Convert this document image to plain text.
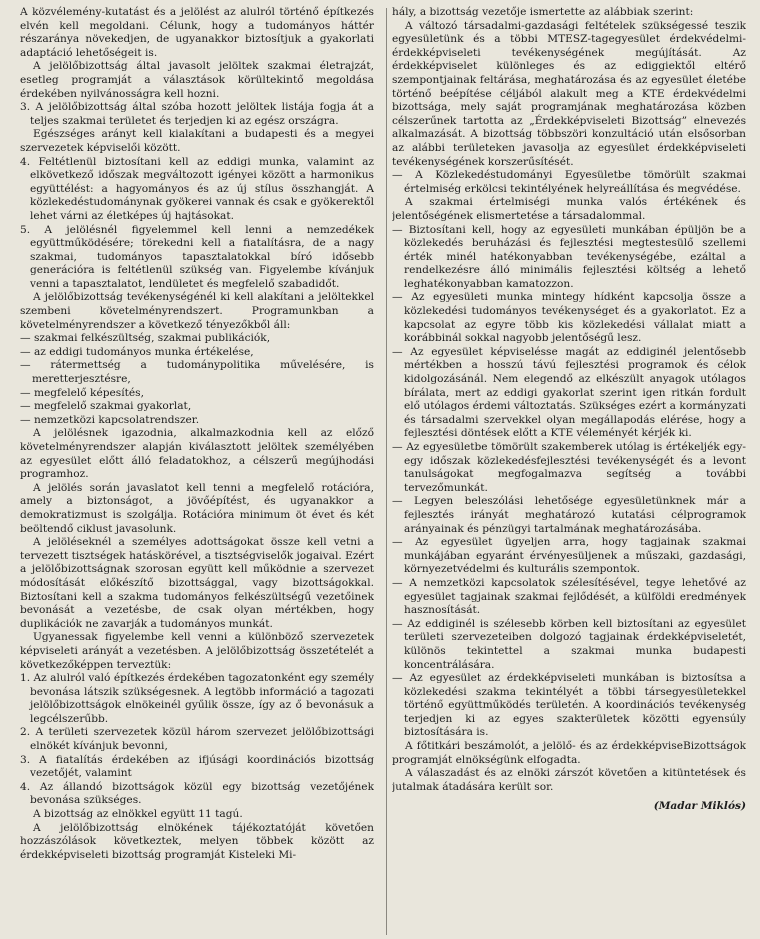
A közvélemény-kutatást és a jelölést az alulról történő építkezés elvén kell megoldani. Célunk, hogy a tudományos háttér részaránya növekedjen, de ugyanakkor biztosítjuk a gyakorlati adaptáció lehetőségeit is.

A jelölőbizottság által javasolt jelöltek szakmai életrajzát, esetleg programját a választások körültekintő megoldása érdekében nyilvánosságra kell hozni.

3. A jelölőbizottság által szóba hozott jelöltek listája fogja át a teljes szakmai területet és terjedjen ki az egész országra.

Egészséges arányt kell kialakítani a budapesti és a megyei szervezetek képviselői között.

4. Feltétlenül biztosítani kell az eddigi munka, valamint az elkövetkező időszak megváltozott igényei között a harmonikus együttélést: a hagyományos és az új stílus összhangját. A közlekedéstudománynak gyökerei vannak és csak e gyökerektől lehet várni az életképes új hajtásokat.

5. A jelölésnél figyelemmel kell lenni a nemzedékek együttműködésére; törekedni kell a fiatalításra, de a nagy szakmai, tudományos tapasztalatokkal bíró idősebb generációra is feltétlenül szükség van. Figyelembe kívánjuk venni a tapasztalatot, lendületet és megfelelő szabadidőt.

A jelölőbizottság tevékenységénél ki kell alakítani a jelöltekkel szembeni követelményrendszert. Programunkban a követelményrendszer a következő tényezőkből áll:

— szakmai felkészültség, szakmai publikációk,

— az eddigi tudományos munka értékelése,

— rátermettség a tudománypolitika művelésére, is meretterjesztésre,

— megfelelő képesítés,

— megfelelő szakmai gyakorlat,

— nemzetközi kapcsolatrendszer.

A jelölésnek igazodnia, alkalmazkodnia kell az előző követelményrendszer alapján kiválasztott jelöltek személyében az egyesület előtt álló feladatokhoz, a célszerű megújhodási programhoz.

A jelölés során javaslatot kell tenni a megfelelő rotációra, amely a biztonságot, a jövőépítést, és ugyanakkor a demokratizmust is szolgálja. Rotációra minimum öt évet és két beöltendő ciklust javasolunk.

A jelöléseknél a személyes adottságokat össze kell vetni a tervezett tisztségek hatáskörével, a tisztségviselők jogaival. Ezért a jelölőbizottságnak szorosan együtt kell működnie a szervezet módosítását előkészítő bizottsággal, vagy bizottságokkal. Biztosítani kell a szakma tudományos felkészültségű vezetőinek bevonását a vezetésbe, de csak olyan mértékben, hogy duplikációk ne zavarják a tudományos munkát.

Ugyanessak figyelembe kell venni a különböző szervezetek képviseleti arányát a vezetésben. A jelölőbizottság összetételét a következőképpen terveztük:

1. Az alulról való építkezés érdekében tagozatonként egy személy bevonása látszik szükségesnek. A legtöbb információ a tagozati jelölőbizottságok elnökeinél gyűlik össze, így az ő bevonásuk a legcélszerűbb.

2. A területi szervezetek közül három szervezet jelölőbizottsági elnökét kívánjuk bevonni,

3. A fiatalítás érdekében az ifjúsági koordinációs bizottság vezetőjét, valamint

4. Az állandó bizottságok közül egy bizottság vezetőjének bevonása szükséges.

A bizottság az elnökkel együtt 11 tagú.

A jelölőbizottság elnökének tájékoztatóját követően hozzászólások következtek, melyen többek között az érdekképviseleti bizottság programját Kisteleki Mi-

hály, a bizottság vezetője ismertette az alábbiak szerint:

A változó társadalmi-gazdasági feltételek szükségessé teszik egyesületünk és a többi MTESZ-tagegyesület érdekvédelmi-érdekképviseleti tevékenységének megújítását. Az érdekképviselet különleges és az ediggiektől eltérő szempontjainak feltárása, meghatározása és az egyesület életébe történő beépítése céljából alakult meg a KTE érdekvédelmi bizottsága, mely saját programjának meghatározása közben célszerűnek tartotta az „Érdekképviseleti Bizottság” elnevezés alkalmazását. A bizottság többszöri konzultáció után elsősorban az alábbi területeken javasolja az egyesület érdekképviseleti tevékenységének korszerűsítését.

— A Közlekedéstudományi Egyesületbe tömörült szakmai értelmiség erkölcsi tekintélyének helyreállítása és megvédése.

A szakmai értelmiségi munka valós értékének és jelentőségének elismertetése a társadalommal.

— Biztosítani kell, hogy az egyesületi munkában épüljön be a közlekedés beruházási és fejlesztési megtestesülő szellemi érték minél hatékonyabban tevékenységébe, ezáltal a rendelkezésre álló minimális fejlesztési költség a lehető leghatékonyabban kamatozzon.

— Az egyesületi munka mintegy hídként kapcsolja össze a közlekedési tudományos tevékenységet és a gyakorlatot. Ez a kapcsolat az egyre több kis közlekedési vállalat miatt a korábbinál sokkal nagyobb jelentőségű lesz.

— Az egyesület képviselésse magát az eddiginél jelentősebb mértékben a hosszú távú fejlesztési programok és célok kidolgozásánál. Nem elegendő az elkészült anyagok utólagos bírálata, mert az eddigi gyakorlat szerint igen ritkán fordult elő utólagos érdemi változtatás. Szükséges ezért a kormányzati és társadalmi szervekkel olyan megállapodás elérése, hogy a fejlesztési döntések előtt a KTE véleményét kérjék ki.

— Az egyesületbe tömörült szakemberek utólag is értékeljék egy-egy időszak közlekedésfejlesztési tevékenységét és a levont tanulságokat megfogalmazva segítség a további tervezőmunkát.

— Legyen beleszólási lehetősége egyesületünknek már a fejlesztés irányát meghatározó kutatási célprogramok arányainak és pénzügyi tartalmának meghatározásába.

— Az egyesület ügyeljen arra, hogy tagjainak szakmai munkájában egyaránt érvényesüljenek a műszaki, gazdasági, környezetvédelmi és kulturális szempontok.

— A nemzetközi kapcsolatok szélesítésével, tegye lehetővé az egyesület tagjainak szakmai fejlődését, a külföldi eredmények hasznosítását.

— Az eddiginél is szélesebb körben kell biztosítani az egyesület területi szervezeteiben dolgozó tagjainak érdekképviseletét, különös tekintettel a szakmai munka budapesti koncentrálására.

— Az egyesület az érdekképviseleti munkában is biztosítsa a közlekedési szakma tekintélyét a többi társegyesületekkel történő együttműködés területén. A koordinációs tevékenység terjedjen ki az egyes szakterületek közötti egyensúly biztosítására is.

A főtitkári beszámolót, a jelölő- és az érdekképviseBizottságok programját elnökségünk elfogadta.

A válaszadást és az elnöki zárszót követően a kitüntetések és jutalmak átadására került sor.

(Madar Miklós)
